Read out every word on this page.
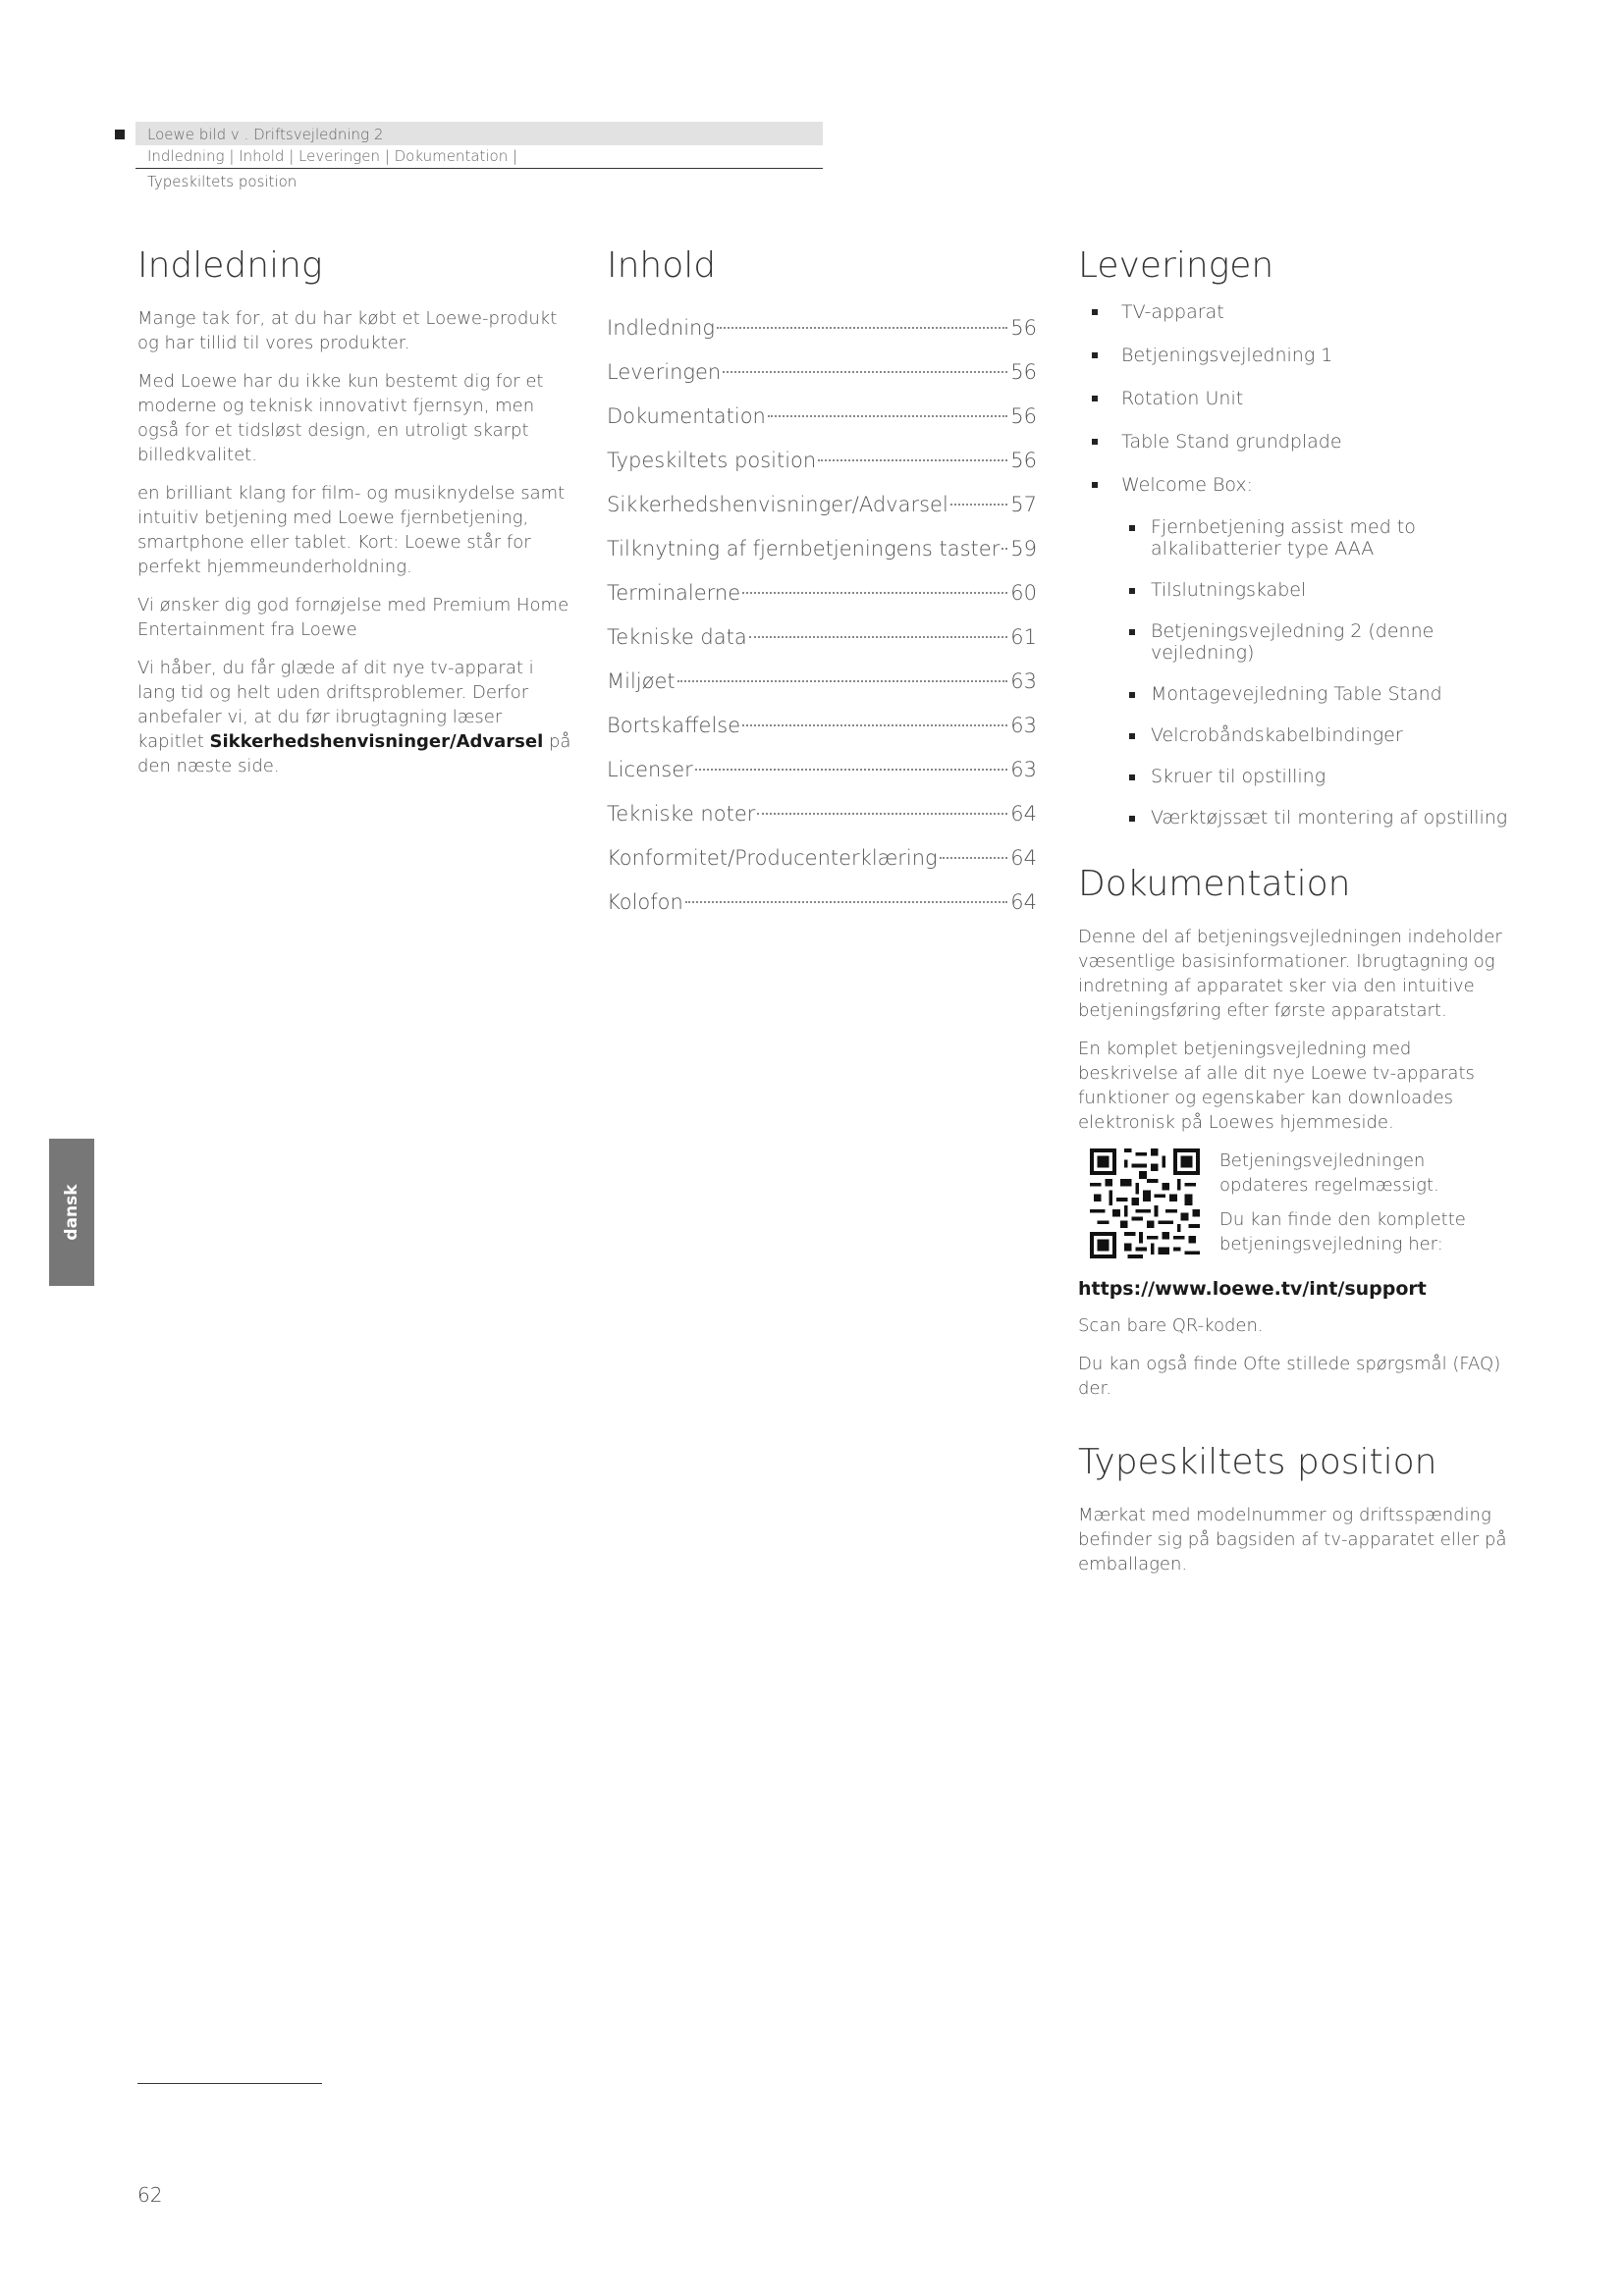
Loewe bild v . Driftsvejledning 2
Indledning | Inhold | Leveringen | Dokumentation |
Typeskiltets position
dansk
Indledning

Mange tak for, at du har købt et Loewe-produkt og har tillid til vores produkter.

Med Loewe har du ikke kun bestemt dig for et moderne og teknisk innovativt fjernsyn, men også for et tidsløst design, en utroligt skarpt billedkvalitet.

en brilliant klang for film- og musiknydelse samt intuitiv betjening med Loewe fjernbetjening, smartphone eller tablet. Kort: Loewe står for perfekt hjemmeunderholdning.

Vi ønsker dig god fornøjelse med Premium Home Entertainment fra Loewe

Vi håber, du får glæde af dit nye tv-apparat i lang tid og helt uden driftsproblemer. Derfor anbefaler vi, at du før ibrugtagning læser kapitlet Sikkerhedshenvisninger/Advarsel på den næste side.

Inhold
Indledning	56
Leveringen	56
Dokumentation	56
Typeskiltets position	56
Sikkerhedshenvisninger/Advarsel	57
Tilknytning af fjernbetjeningens taster 59
Terminalerne	60
Tekniske data	61
Miljøet	63
Bortskaffelse	63
Licenser	63
Tekniske noter	64
Konformitet/Producenterklæring	64
Kolofon	64
Leveringen
TV-apparat
Betjeningsvejledning 1
Rotation Unit
Table Stand grundplade
Welcome Box:
Fjernbetjening assist med to alkalibatterier type AAA
Tilslutningskabel
Betjeningsvejledning 2 (denne vejledning)
Montagevejledning Table Stand
Velcrobåndskabelbindinger
Skruer til opstilling
Værktøjssæt til montering af opstilling
Dokumentation

Denne del af betjeningsvejledningen indeholder væsentlige basisinformationer. Ibrugtagning og indretning af apparatet sker via den intuitive betjeningsføring efter første apparatstart.

En komplet betjeningsvejledning med beskrivelse af alle dit nye Loewe tv-apparats funktioner og egenskaber kan downloades elektronisk på Loewes hjemmeside.

Betjeningsvejledningen opdateres regelmæssigt.

Du kan finde den komplette betjeningsvejledning her:

https://www.loewe.tv/int/support

Scan bare QR-koden.

Du kan også finde Ofte stillede spørgsmål (FAQ) der.

Typeskiltets position

Mærkat med modelnummer og driftsspænding befinder sig på bagsiden af tv-apparatet eller på emballagen.

62
